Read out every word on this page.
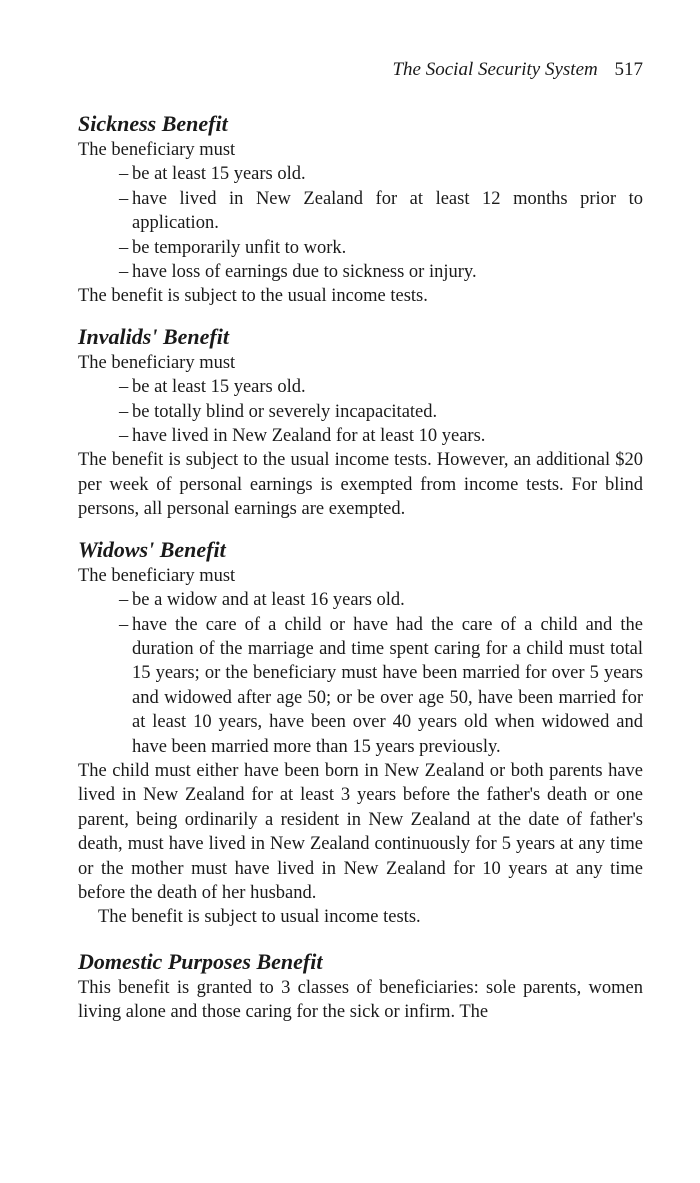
The Social Security System 517
Sickness Benefit

The beneficiary must

– be at least 15 years old.
– have lived in New Zealand for at least 12 months prior to application.
– be temporarily unfit to work.
– have loss of earnings due to sickness or injury.

The benefit is subject to the usual income tests.

Invalids' Benefit

The beneficiary must

– be at least 15 years old.
– be totally blind or severely incapacitated.
– have lived in New Zealand for at least 10 years.

The benefit is subject to the usual income tests. However, an additional $20 per week of personal earnings is exempted from income tests. For blind persons, all personal earnings are exempted.

Widows' Benefit

The beneficiary must

– be a widow and at least 16 years old.
– have the care of a child or have had the care of a child and the duration of the marriage and time spent caring for a child must total 15 years; or the beneficiary must have been married for over 5 years and widowed after age 50; or be over age 50, have been married for at least 10 years, have been over 40 years old when widowed and have been married more than 15 years previously.

The child must either have been born in New Zealand or both parents have lived in New Zealand for at least 3 years before the father's death or one parent, being ordinarily a resident in New Zealand at the date of father's death, must have lived in New Zealand continuously for 5 years at any time or the mother must have lived in New Zealand for 10 years at any time before the death of her husband.

The benefit is subject to usual income tests.

Domestic Purposes Benefit

This benefit is granted to 3 classes of beneficiaries: sole parents, women living alone and those caring for the sick or infirm. The
